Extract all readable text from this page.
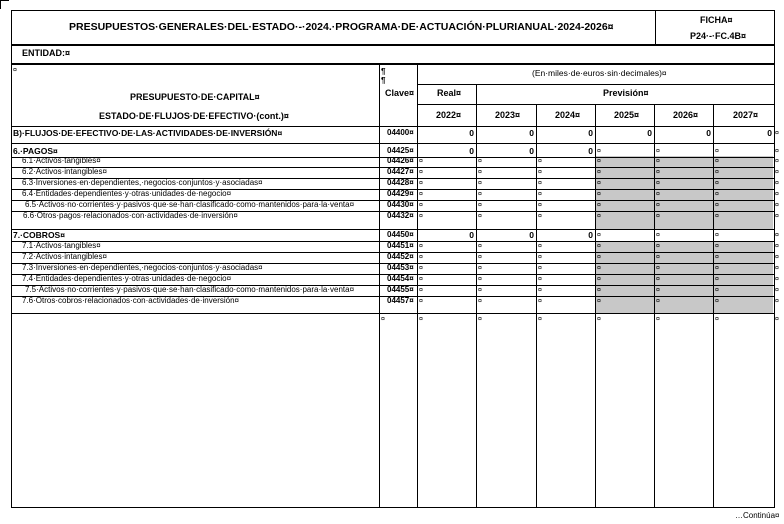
PRESUPUESTOS·GENERALES·DEL·ESTADO·-·2024.·PROGRAMA·DE·ACTUACIÓN·PLURIANUAL·2024-2026¤
FICHA¤
P24·-·FC.4B¤
ENTIDAD:¤
¤
PRESUPUESTO·DE·CAPITAL¤
ESTADO·DE·FLUJOS·DE·EFECTIVO·(cont.)¤
¶
¶
Clave¤
(En·miles·de·euros·sin·decimales)¤
Real¤	Previsión¤
2022¤	2023¤	2024¤	2025¤	2026¤	2027¤
B)·FLUJOS·DE·EFECTIVO·DE·LAS·ACTIVIDADES·DE·INVERSIÓN¤	04400¤	0	0	0	0	0	0 ¤
6.·PAGOS¤	04425¤	0	0	0 ¤	¤	¤	¤
6.1·Activos·tangibles¤	04426¤ ¤	¤	¤	¤	¤	¤	¤
6.2·Activos·intangibles¤	04427¤ ¤	¤	¤	¤	¤	¤	¤
6.3·Inversiones·en·dependientes,·negocios·conjuntos·y·asociadas¤	04428¤ ¤	¤	¤	¤	¤	¤	¤
6.4·Entidades·dependientes·y·otras·unidades·de·negocio¤	04429¤ ¤	¤	¤	¤	¤	¤	¤
6.5·Activos·no·corrientes·y·pasivos·que·se·han·clasificado·como·mantenidos·para·la·venta¤	04430¤ ¤	¤	¤	¤	¤	¤	¤
6.6·Otros·pagos·relacionados·con·actividades·de·inversión¤	04432¤ ¤	¤	¤	¤	¤	¤	¤
7.·COBROS¤	04450¤	0	0	0 ¤	¤	¤	¤
7.1·Activos·tangibles¤	04451¤ ¤	¤	¤	¤	¤	¤	¤
7.2·Activos·intangibles¤	04452¤ ¤	¤	¤	¤	¤	¤	¤
7.3·Inversiones·en·dependientes,·negocios·conjuntos·y·asociadas¤	04453¤ ¤	¤	¤	¤	¤	¤	¤
7.4·Entidades·dependientes·y·otras·unidades·de·negocio¤	04454¤ ¤	¤	¤	¤	¤	¤	¤
7.5·Activos·no·corrientes·y·pasivos·que·se·han·clasificado·como·mantenidos·para·la·venta¤	04455¤ ¤	¤	¤	¤	¤	¤	¤
7.6·Otros·cobros·relacionados·con·actividades·de·inversión¤	04457¤ ¤	¤	¤	¤	¤	¤	¤
¤	¤	¤	¤	¤	¤	¤
¤
…Continúa¤
